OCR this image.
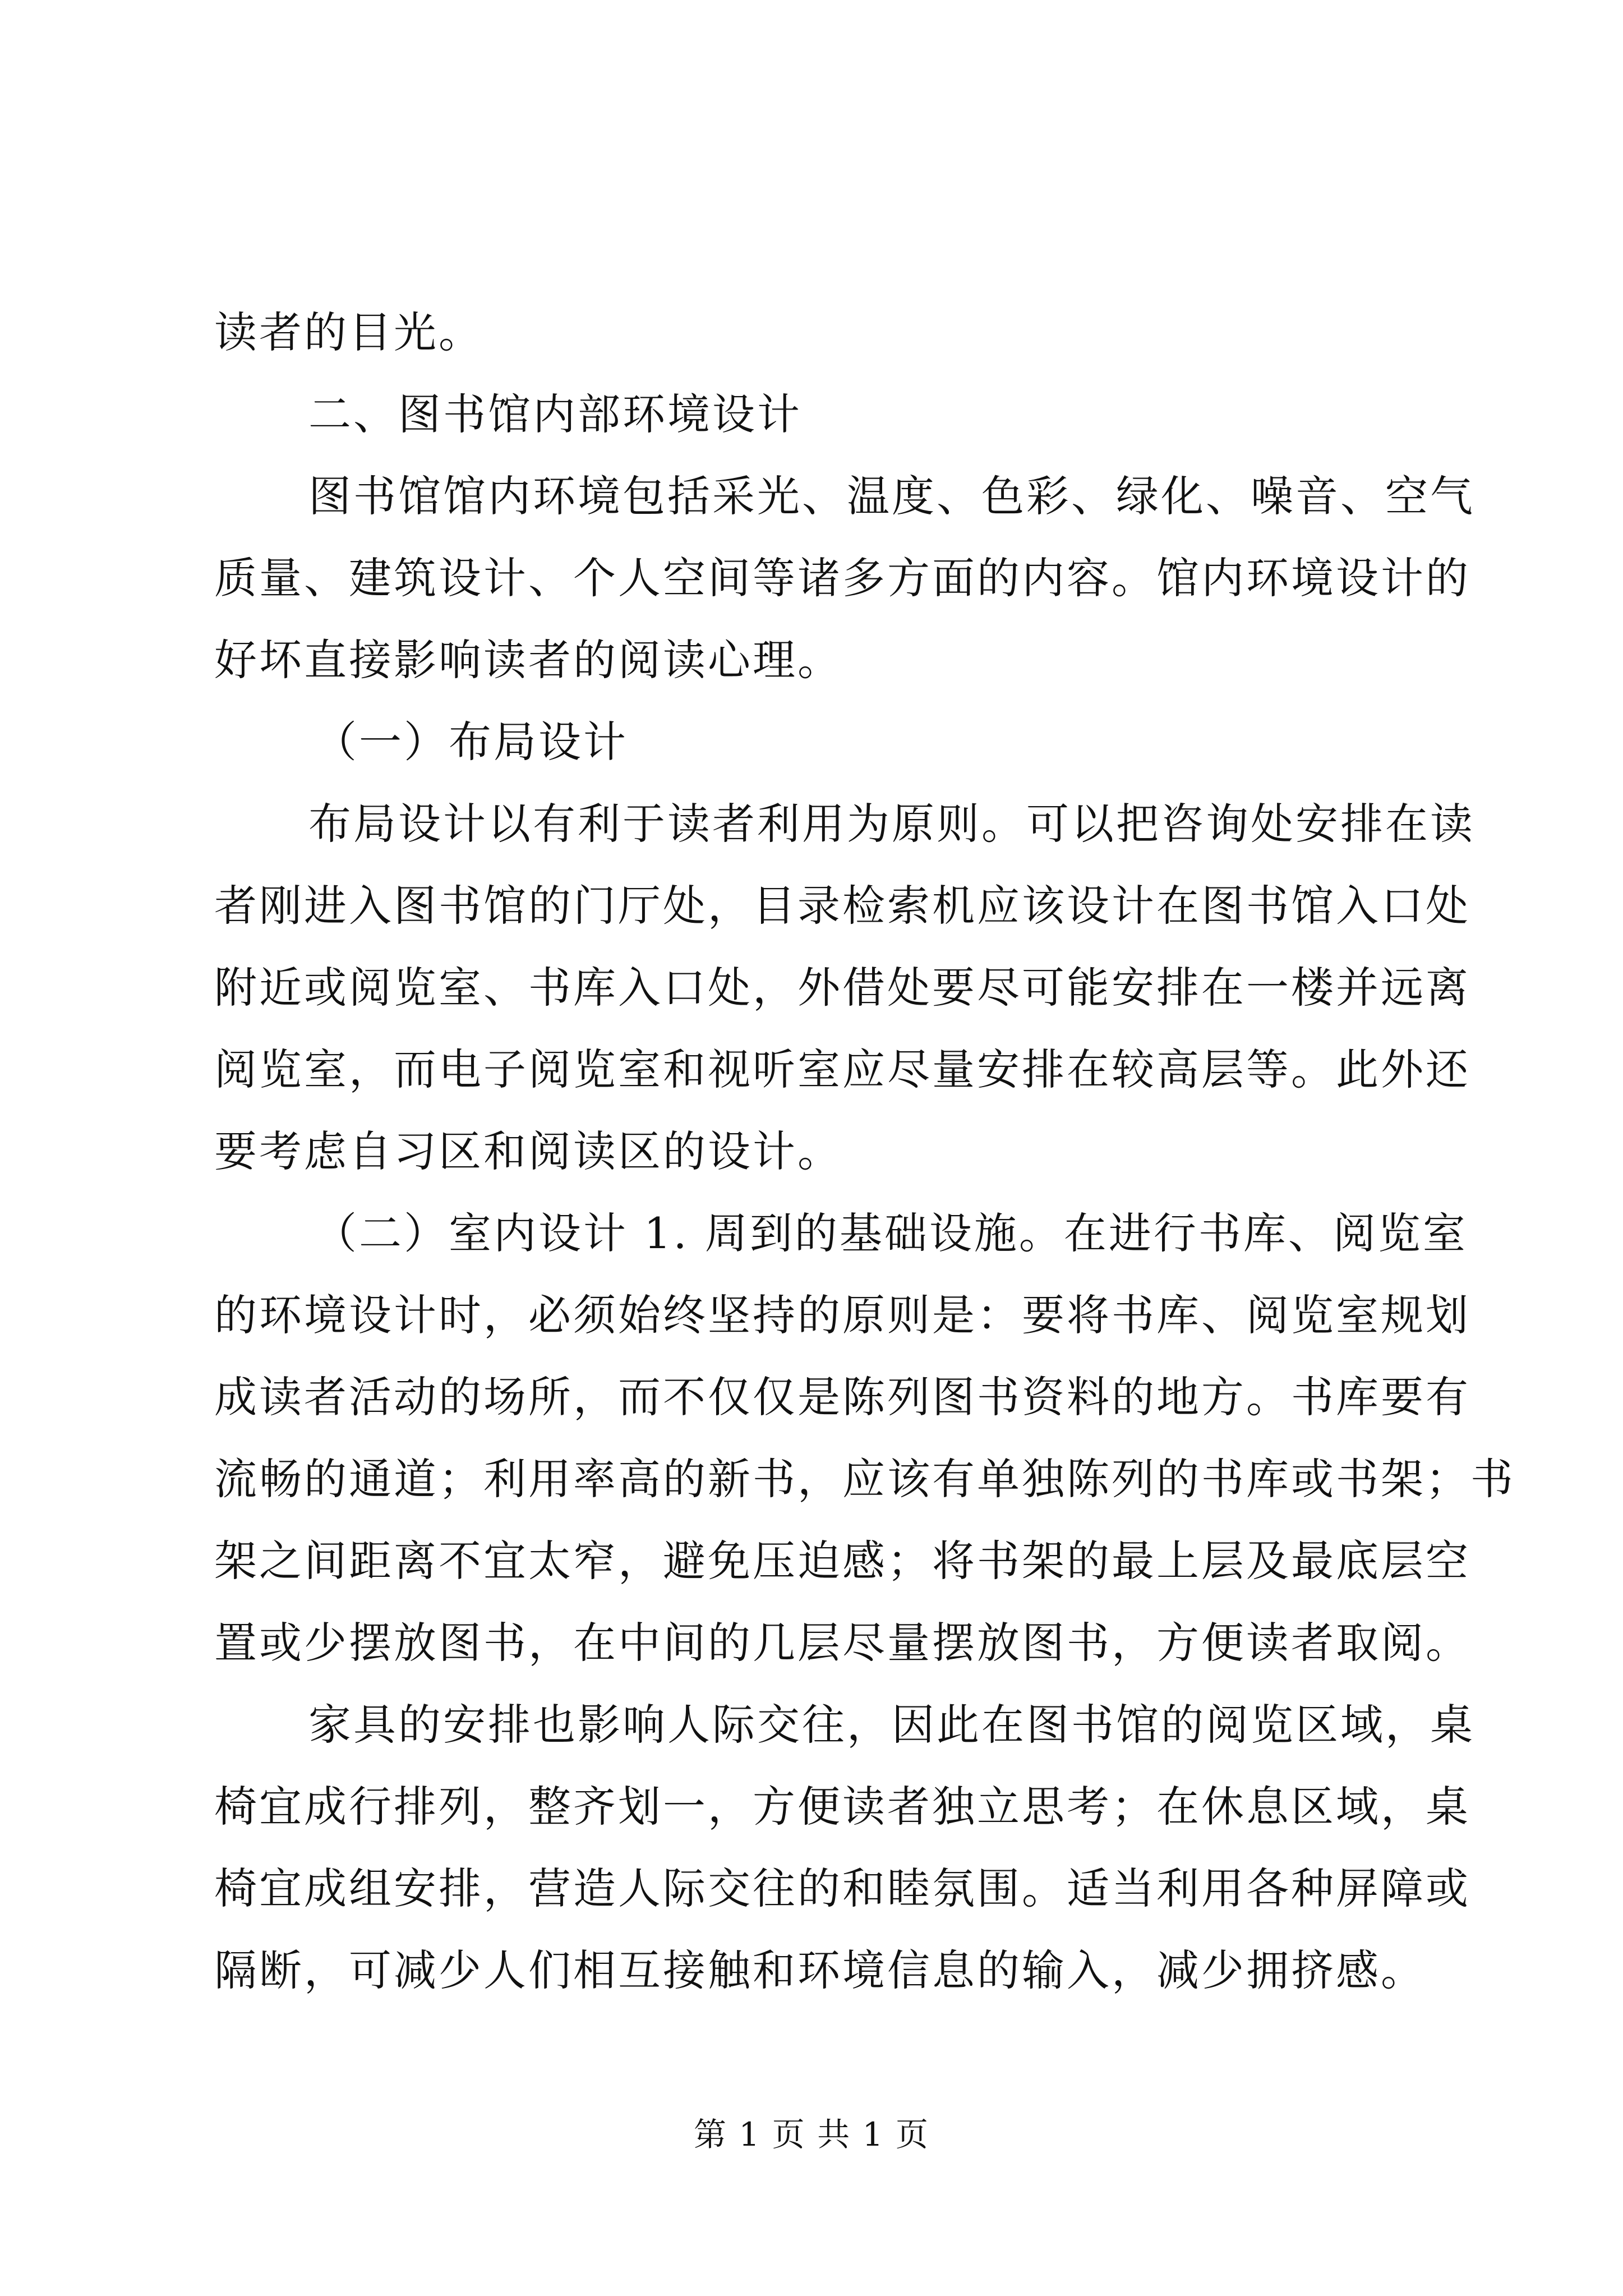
读者的目光。
二、图书馆内部环境设计
图书馆馆内环境包括采光、温度、色彩、绿化、噪音、空气
质量、建筑设计、个人空间等诸多方面的内容。馆内环境设计的
好坏直接影响读者的阅读心理。
（一）布局设计
布局设计以有利于读者利用为原则。可以把咨询处安排在读
者刚进入图书馆的门厅处，目录检索机应该设计在图书馆入口处
附近或阅览室、书库入口处，外借处要尽可能安排在一楼并远离
阅览室，而电子阅览室和视听室应尽量安排在较高层等。此外还
要考虑自习区和阅读区的设计。
（二）室内设计 1. 周到的基础设施。在进行书库、阅览室
的环境设计时，必须始终坚持的原则是：要将书库、阅览室规划
成读者活动的场所，而不仅仅是陈列图书资料的地方。书库要有
流畅的通道；利用率高的新书，应该有单独陈列的书库或书架；书
架之间距离不宜太窄，避免压迫感；将书架的最上层及最底层空
置或少摆放图书，在中间的几层尽量摆放图书，方便读者取阅。
家具的安排也影响人际交往，因此在图书馆的阅览区域，桌
椅宜成行排列，整齐划一，方便读者独立思考；在休息区域，桌
椅宜成组安排，营造人际交往的和睦氛围。适当利用各种屏障或
隔断，可减少人们相互接触和环境信息的输入，减少拥挤感。
第 1 页 共 1 页
